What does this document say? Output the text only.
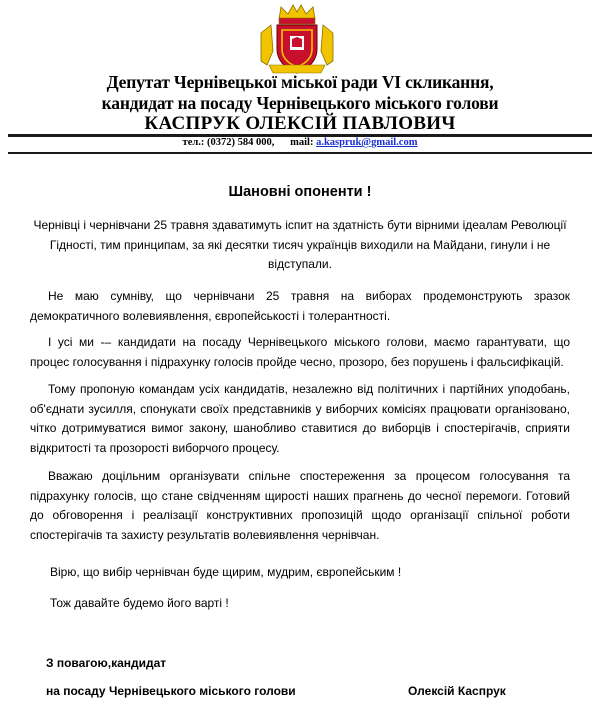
Депутат Чернівецької міської ради VI скликання,
кандидат на посаду Чернівецького міського голови
КАСПРУК ОЛЕКСІЙ ПАВЛОВИЧ
тел.: (0372) 584 000, mail: a.kaspruk@gmail.com
Шановні опоненти !
Чернівці і чернівчани 25 травня здаватимуть іспит на здатність бути вірними ідеалам Революції Гідності, тим принципам, за які десятки тисяч українців виходили на Майдани, гинули і не відступали.
Не маю сумніву, що чернівчани 25 травня на виборах продемонструють зразок демократичного волевиявлення, європейськості і толерантності.
І усі ми -– кандидати на посаду Чернівецького міського голови, маємо гарантувати, що процес голосування і підрахунку голосів пройде чесно, прозоро, без порушень і фальсифікацій.
Тому пропоную командам усіх кандидатів, незалежно від політичних і партійних уподобань, об'єднати зусилля, спонукати своїх представників у виборчих комісіях працювати організовано, чітко дотримуватися вимог закону, шанобливо ставитися до виборців і спостерігачів, сприяти відкритості та прозорості виборчого процесу.
Вважаю доцільним організувати спільне спостереження за процесом голосування та підрахунку голосів, що стане свідченням щирості наших прагнень до чесної перемоги. Готовий до обговорення і реалізації конструктивних пропозицій щодо організації спільної роботи спостерігачів та захисту результатів волевиявлення чернівчан.
Вірю, що вибір чернівчан буде щирим, мудрим, європейським !
Тож давайте будемо його варті !
З повагою,кандидат
на посаду Чернівецького міського голови	Олексій Каспрук
